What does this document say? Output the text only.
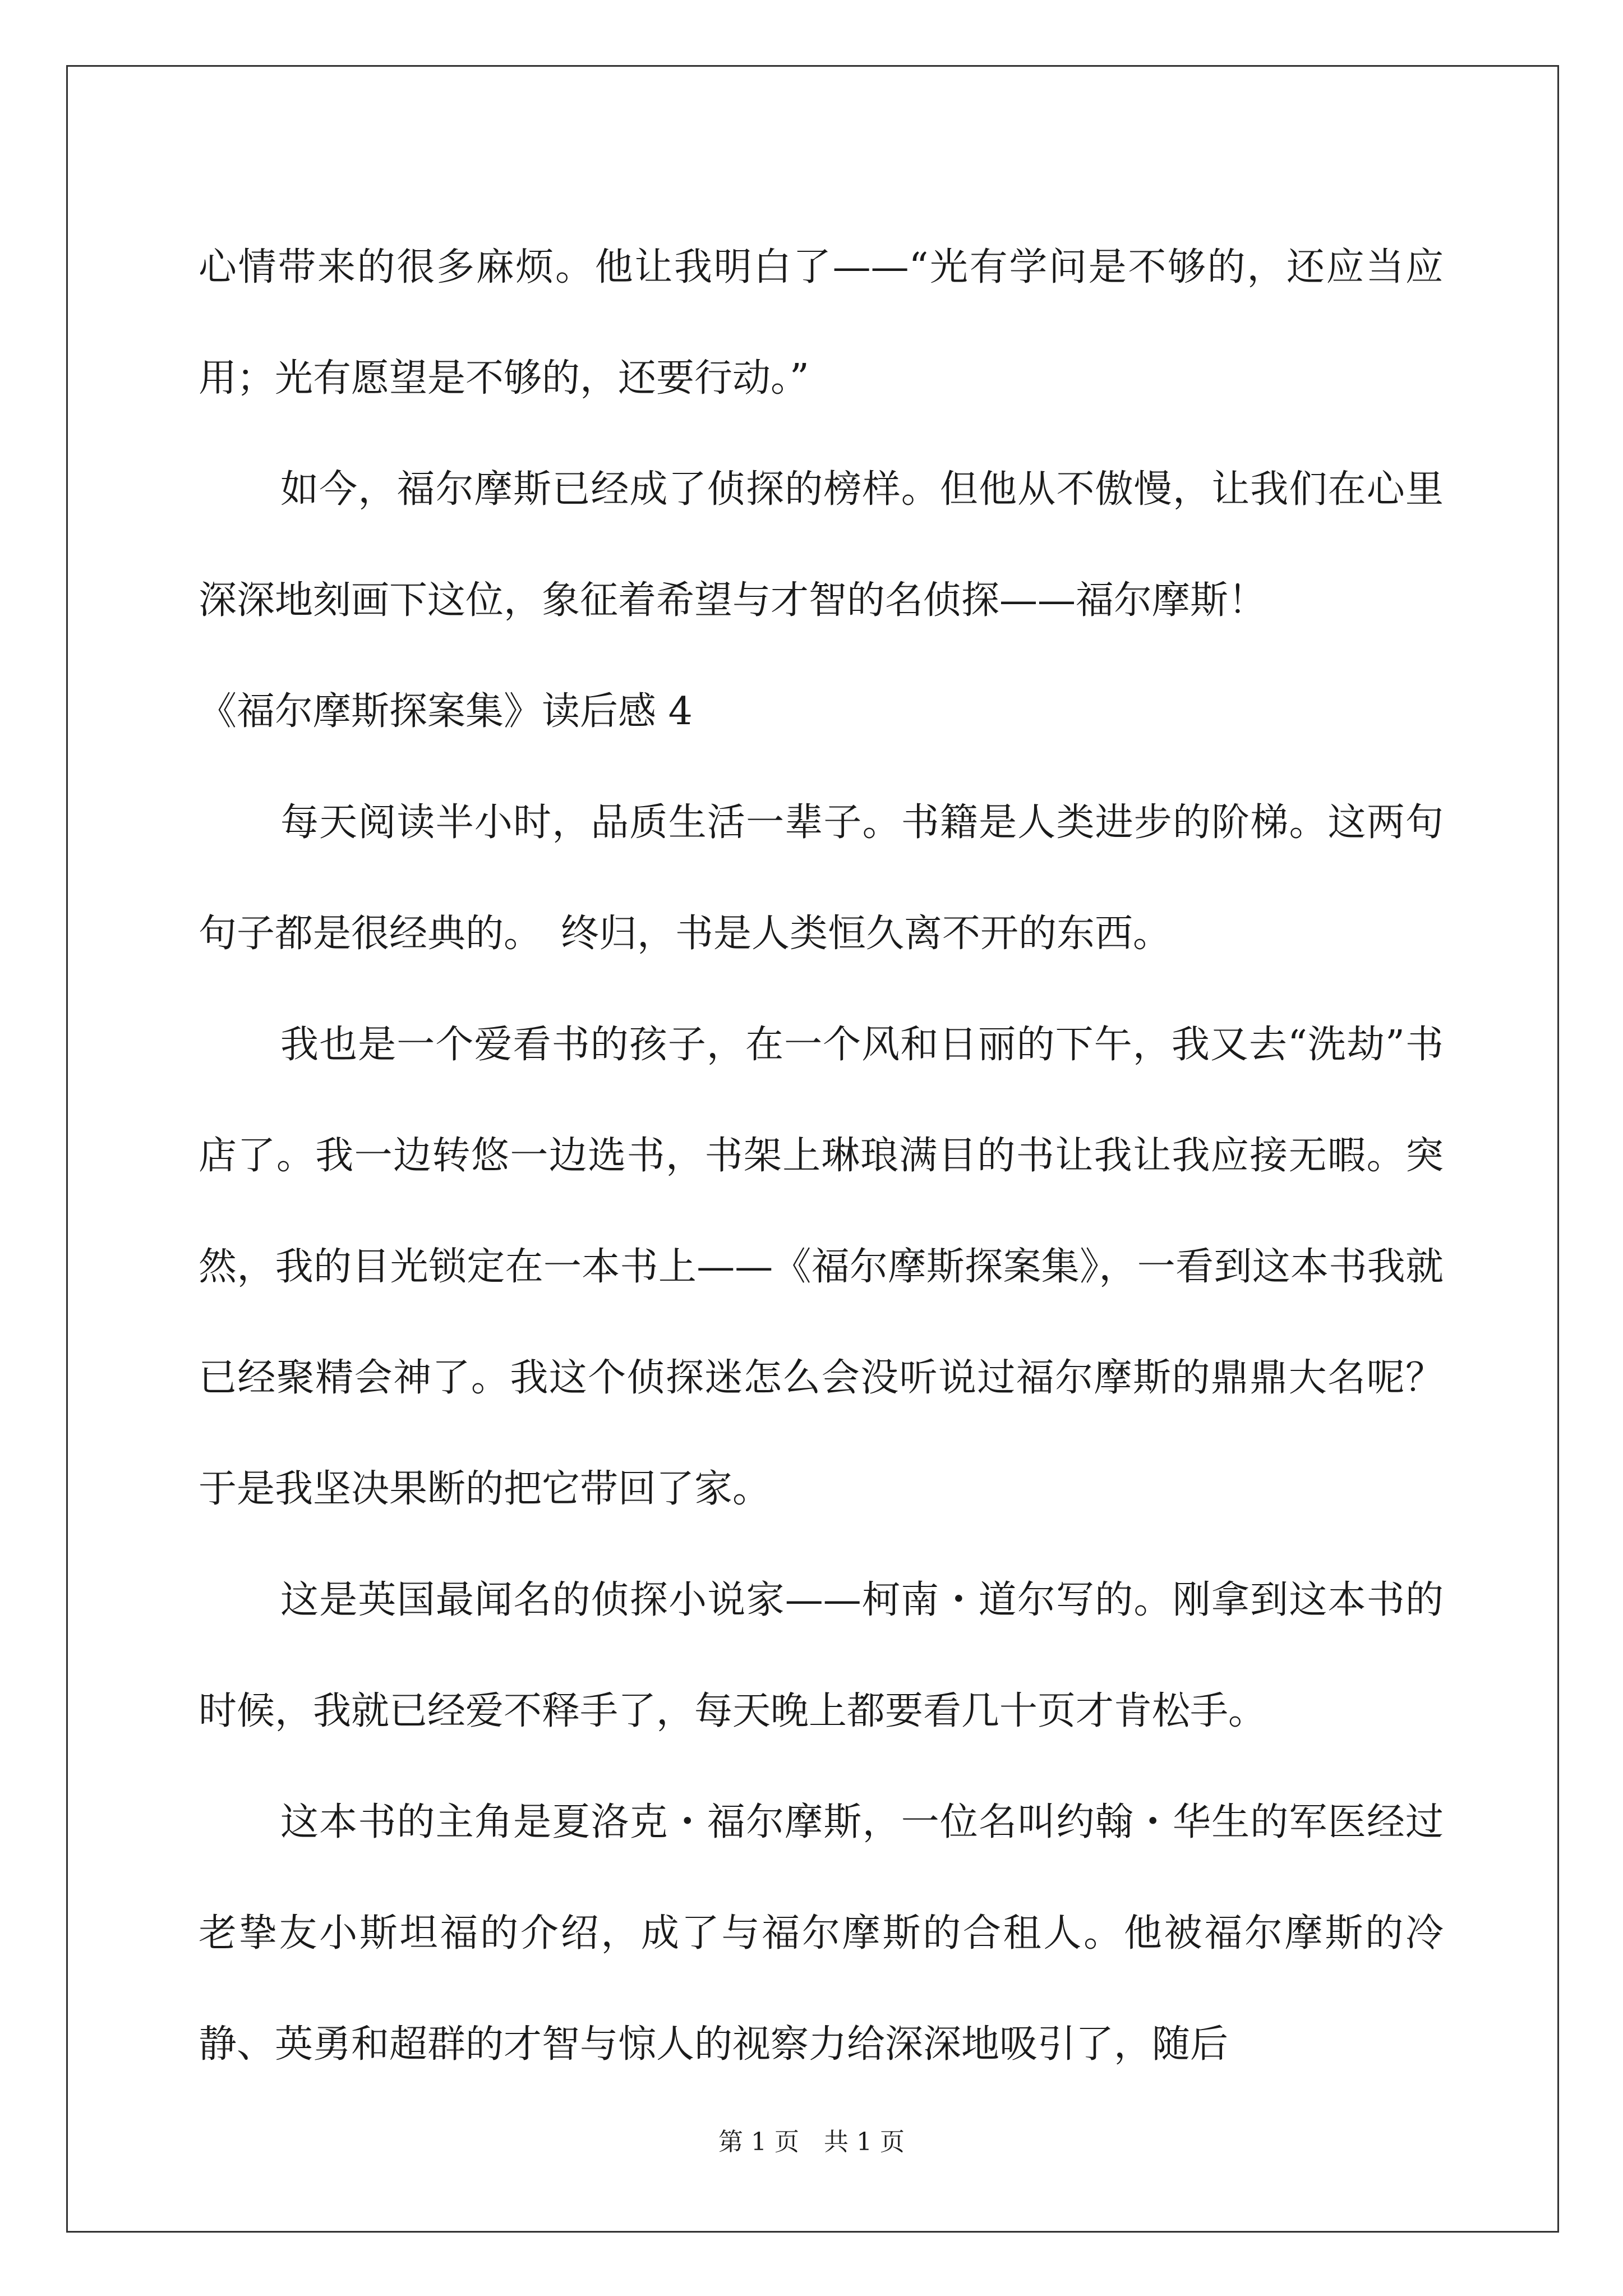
心情带来的很多麻烦。他让我明白了——“光有学问是不够的，还应当应用；光有愿望是不够的，还要行动。”

如今，福尔摩斯已经成了侦探的榜样。但他从不傲慢，让我们在心里深深地刻画下这位，象征着希望与才智的名侦探——福尔摩斯！

《福尔摩斯探案集》读后感 4

每天阅读半小时，品质生活一辈子。书籍是人类进步的阶梯。这两句句子都是很经典的。　终归，书是人类恒久离不开的东西。

我也是一个爱看书的孩子，在一个风和日丽的下午，我又去“洗劫”书店了。我一边转悠一边选书，书架上琳琅满目的书让我让我应接无暇。突然，我的目光锁定在一本书上——《福尔摩斯探案集》，一看到这本书我就已经聚精会神了。我这个侦探迷怎么会没听说过福尔摩斯的鼎鼎大名呢？于是我坚决果断的把它带回了家。

这是英国最闻名的侦探小说家——柯南・道尔写的。刚拿到这本书的时候，我就已经爱不释手了，每天晚上都要看几十页才肯松手。

这本书的主角是夏洛克・福尔摩斯，一位名叫约翰・华生的军医经过老挚友小斯坦福的介绍，成了与福尔摩斯的合租人。他被福尔摩斯的冷静、英勇和超群的才智与惊人的视察力给深深地吸引了，随后

第 1 页　共 1 页
